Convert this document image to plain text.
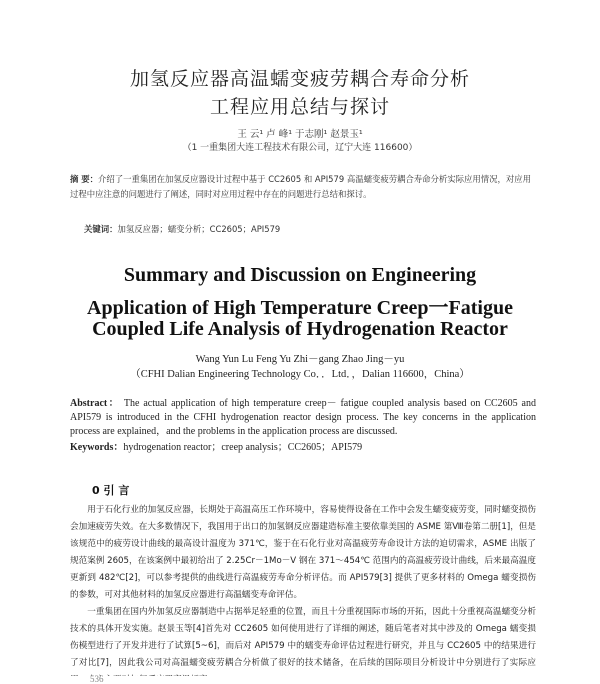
加氢反应器高温蠕变疲劳耦合寿命分析
工程应用总结与探讨
王 云¹ 卢 峰¹ 于志刚¹ 赵景玉¹
（1 一重集团大连工程技术有限公司，辽宁大连 116600）
摘 要：介绍了一重集团在加氢反应器设计过程中基于 CC2605 和 API579 高温蠕变疲劳耦合寿命分析实际应用情况，对应用过程中应注意的问题进行了阐述，同时对应用过程中存在的问题进行总结和探讨。
关键词：加氢反应器；蠕变分析；CC2605；API579
Summary and Discussion on Engineering
Application of High Temperature Creep一Fatigue
Coupled Life Analysis of Hydrogenation Reactor
Wang Yun Lu Feng Yu Zhi－gang Zhao Jing－yu
（CFHI Dalian Engineering Technology Co．．Ltd．，Dalian 116600，China）
Abstract： The actual application of high temperature creep－ fatigue coupled analysis based on CC2605 and API579 is introduced in the CFHI hydrogenation reactor design process. The key concerns in the application process are explained，and the problems in the application process are discussed.
Keywords：hydrogenation reactor；creep analysis；CC2605；API579
0 引 言
用于石化行业的加氢反应器，长期处于高温高压工作环境中，容易使得设备在工作中会发生蠕变疲劳变，同时蠕变损伤会加速疲劳失效。在大多数情况下，我国用于出口的加氢钢反应器建造标准主要依靠美国的 ASME 第Ⅷ卷第二册[1]，但是该规范中的疲劳设计曲线的最高设计温度为 371℃，鉴于在石化行业对高温疲劳寿命设计方法的迫切需求，ASME 出版了规范案例 2605，在该案例中最初给出了 2.25Cr－1Mo－V 钢在 371～454℃ 范围内的高温疲劳设计曲线，后来最高温度更新到 482℃[2]，可以参考提供的曲线进行高温疲劳寿命分析评估。而 API579[3] 提供了更多材料的 Omega 蠕变损伤的参数，可对其他材料的加氢反应器进行高温蠕变寿命评估。
一重集团在国内外加氢反应器制造中占据举足轻重的位置，而且十分重视国际市场的开拓，因此十分重视高温蠕变分析技术的具体开发实施。赵景玉等[4]首先对 CC2605 如何使用进行了详细的阐述，随后笔者对其中涉及的 Omega 蠕变损伤模型进行了开发并进行了试算[5~6]，而后对 API579 中的蠕变寿命评估过程进行研究，并且与 CC2605 中的结果进行了对比[7]，因此我公司对高温蠕变疲劳耦合分析做了很好的技术储备，在后续的国际项目分析设计中分别进行了实际应
536
